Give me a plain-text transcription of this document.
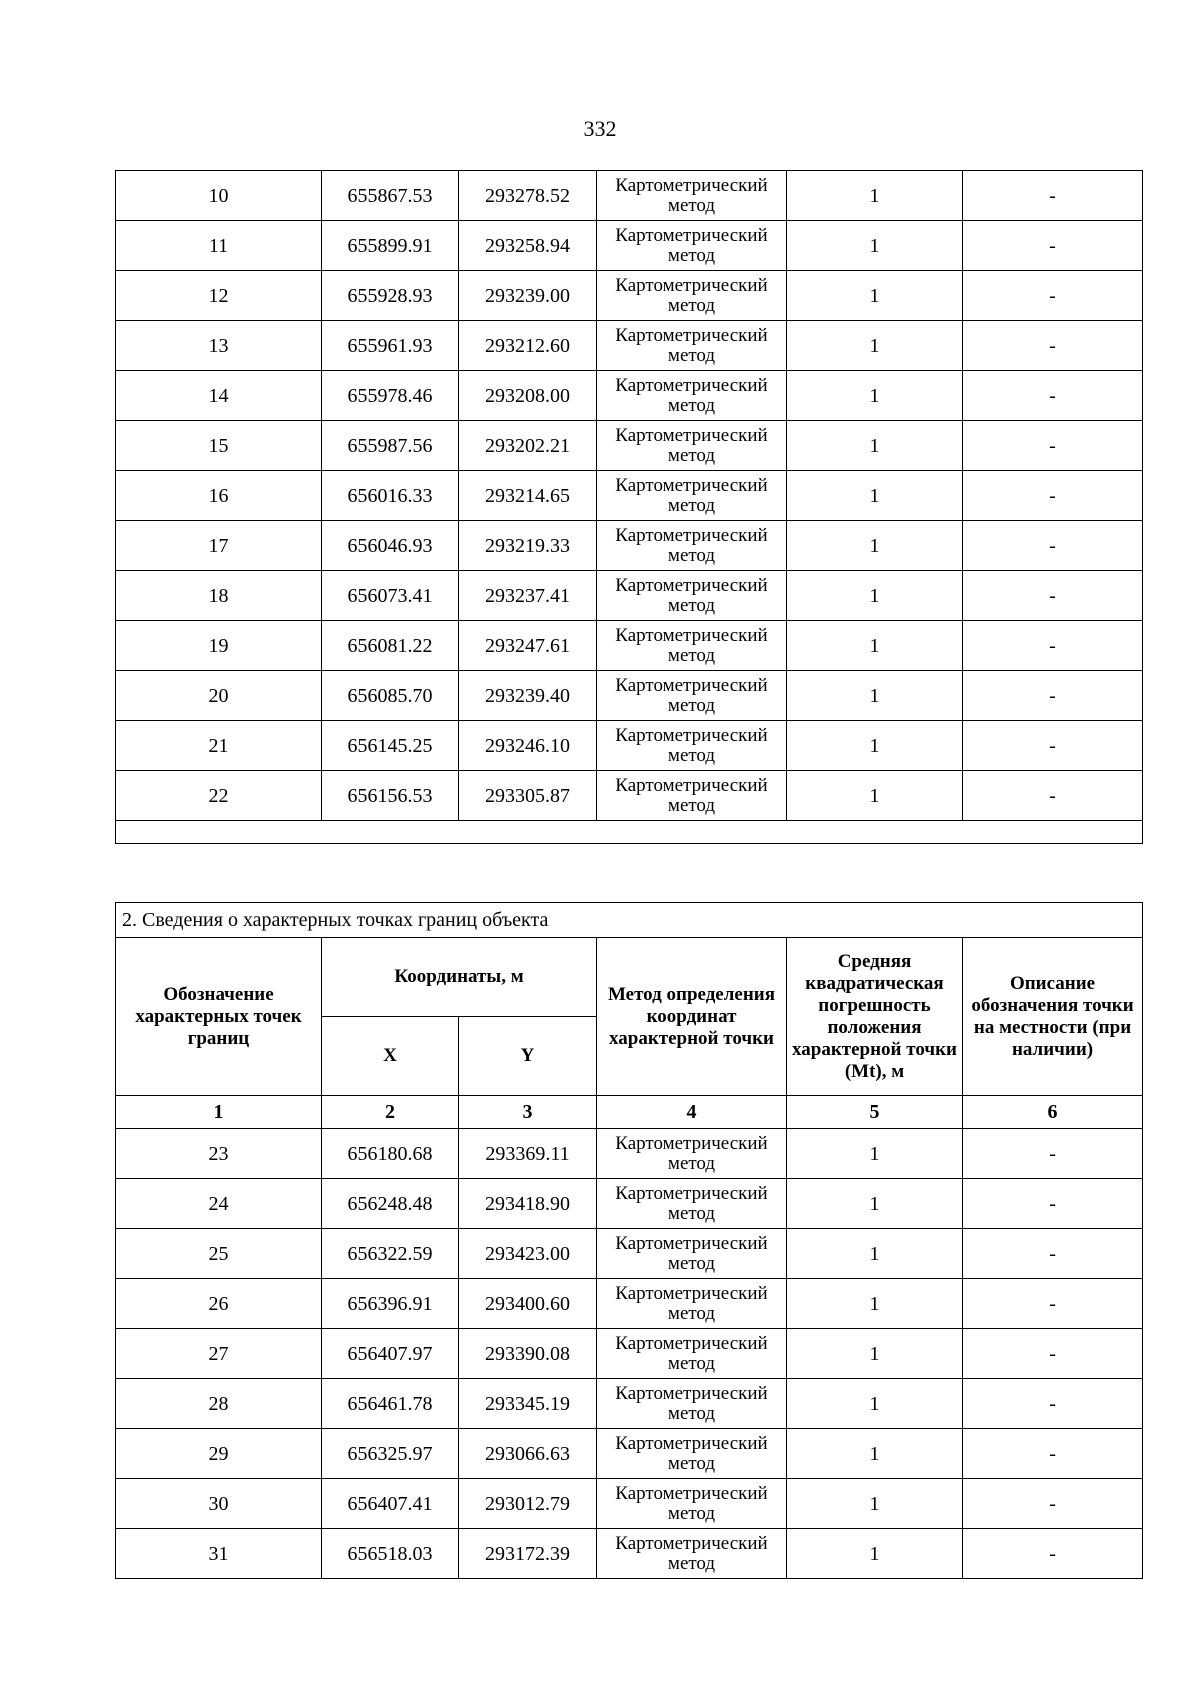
332
10	655867.53	293278.52	Картометрический метод	1	-
11	655899.91	293258.94	Картометрический метод	1	-
12	655928.93	293239.00	Картометрический метод	1	-
13	655961.93	293212.60	Картометрический метод	1	-
14	655978.46	293208.00	Картометрический метод	1	-
15	655987.56	293202.21	Картометрический метод	1	-
16	656016.33	293214.65	Картометрический метод	1	-
17	656046.93	293219.33	Картометрический метод	1	-
18	656073.41	293237.41	Картометрический метод	1	-
19	656081.22	293247.61	Картометрический метод	1	-
20	656085.70	293239.40	Картометрический метод	1	-
21	656145.25	293246.10	Картометрический метод	1	-
22	656156.53	293305.87	Картометрический метод	1	-

2. Сведения о характерных точках границ объекта					
Обозначение характерных точек границ	Координаты, м		Метод определения координат характерной точки	Средняя квадратическая погрешность положения характерной точки (Mt), м	Описание обозначения точки на местности (при наличии)
	X	Y			
1	2	3	4	5	6
23	656180.68	293369.11	Картометрический метод	1	-
24	656248.48	293418.90	Картометрический метод	1	-
25	656322.59	293423.00	Картометрический метод	1	-
26	656396.91	293400.60	Картометрический метод	1	-
27	656407.97	293390.08	Картометрический метод	1	-
28	656461.78	293345.19	Картометрический метод	1	-
29	656325.97	293066.63	Картометрический метод	1	-
30	656407.41	293012.79	Картометрический метод	1	-
31	656518.03	293172.39	Картометрический метод	1	-
